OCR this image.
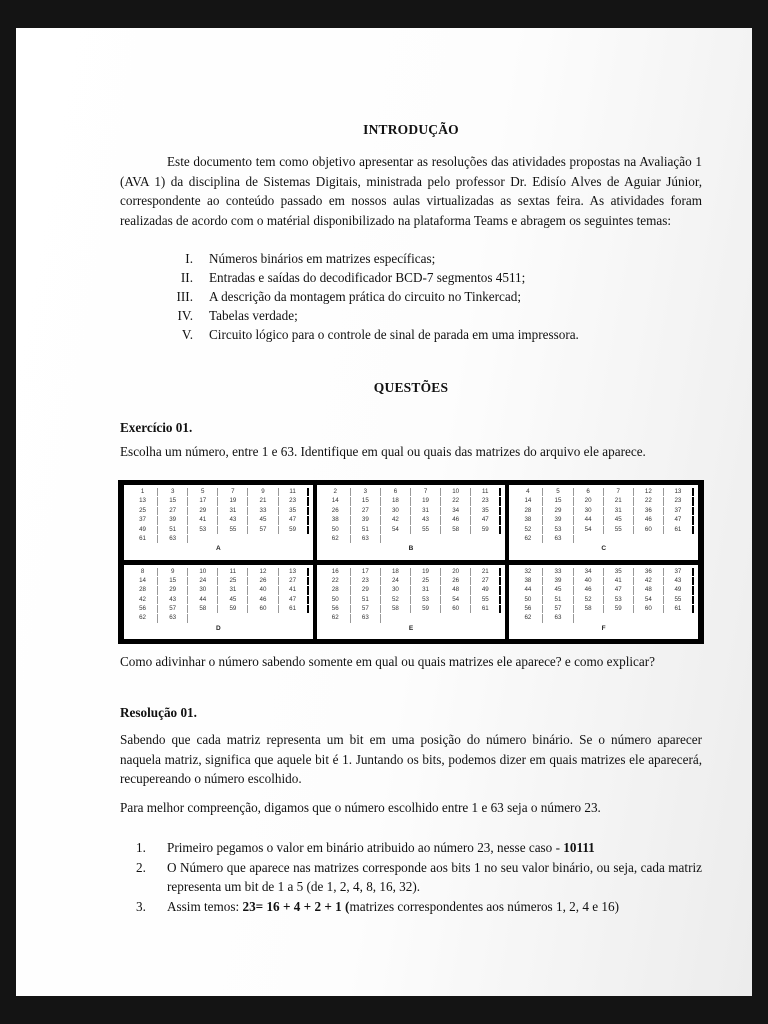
INTRODUÇÃO

Este documento tem como objetivo apresentar as resoluções das atividades propostas na Avaliação 1 (AVA 1) da disciplina de Sistemas Digitais, ministrada pelo professor Dr. Edisío Alves de Aguiar Júnior, correspondente ao conteúdo passado em nossos aulas virtualizadas as sextas feira. As atividades foram realizadas de acordo com o matérial disponibilizado na plataforma Teams e abragem os seguintes temas:

I.	Números binários em matrizes específicas;
II.	Entradas e saídas do decodificador BCD-7 segmentos 4511;
III.	A descrição da montagem prática do circuito no Tinkercad;
IV.	Tabelas verdade;
V.	Circuito lógico para o controle de sinal de parada em uma impressora.
QUESTÕES
Exercício 01.

Escolha um número, entre 1 e 63. Identifique em qual ou quais das matrizes do arquivo ele aparece.

1	3	5	7	9	11
13	15	17	19	21	23
25	27	29	31	33	35
37	39	41	43	45	47
49	51	53	55	57	59
61	63
A
2	3	6	7	10	11
14	15	18	19	22	23
26	27	30	31	34	35
38	39	42	43	46	47
50	51	54	55	58	59
62	63
B
4	5	6	7	12	13
14	15	20	21	22	23
28	29	30	31	36	37
38	39	44	45	46	47
52	53	54	55	60	61
62	63
C
8	9	10	11	12	13
14	15	24	25	26	27
28	29	30	31	40	41
42	43	44	45	46	47
56	57	58	59	60	61
62	63
D
16	17	18	19	20	21
22	23	24	25	26	27
28	29	30	31	48	49
50	51	52	53	54	55
56	57	58	59	60	61
62	63
E
32	33	34	35	36	37
38	39	40	41	42	43
44	45	46	47	48	49
50	51	52	53	54	55
56	57	58	59	60	61
62	63
F

Como adivinhar o número sabendo somente em qual ou quais matrizes ele aparece? e como explicar?

Resolução 01.

Sabendo que cada matriz representa um bit em uma posição do número binário. Se o número aparecer naquela matriz, significa que aquele bit é 1. Juntando os bits, podemos dizer em quais matrizes ele aparecerá, recupereando o número escolhido.

Para melhor compreenção, digamos que o número escolhido entre 1 e 63 seja o número 23.

1.	Primeiro pegamos o valor em binário atribuido ao número 23, nesse caso - 10111
2.	O Número que aparece nas matrizes corresponde aos bits 1 no seu valor binário, ou seja, cada matriz representa um bit de 1 a 5 (de 1, 2, 4, 8, 16, 32).
3.	Assim temos: 23= 16 + 4 + 2 + 1 (matrizes correspondentes aos números 1, 2, 4 e 16)
